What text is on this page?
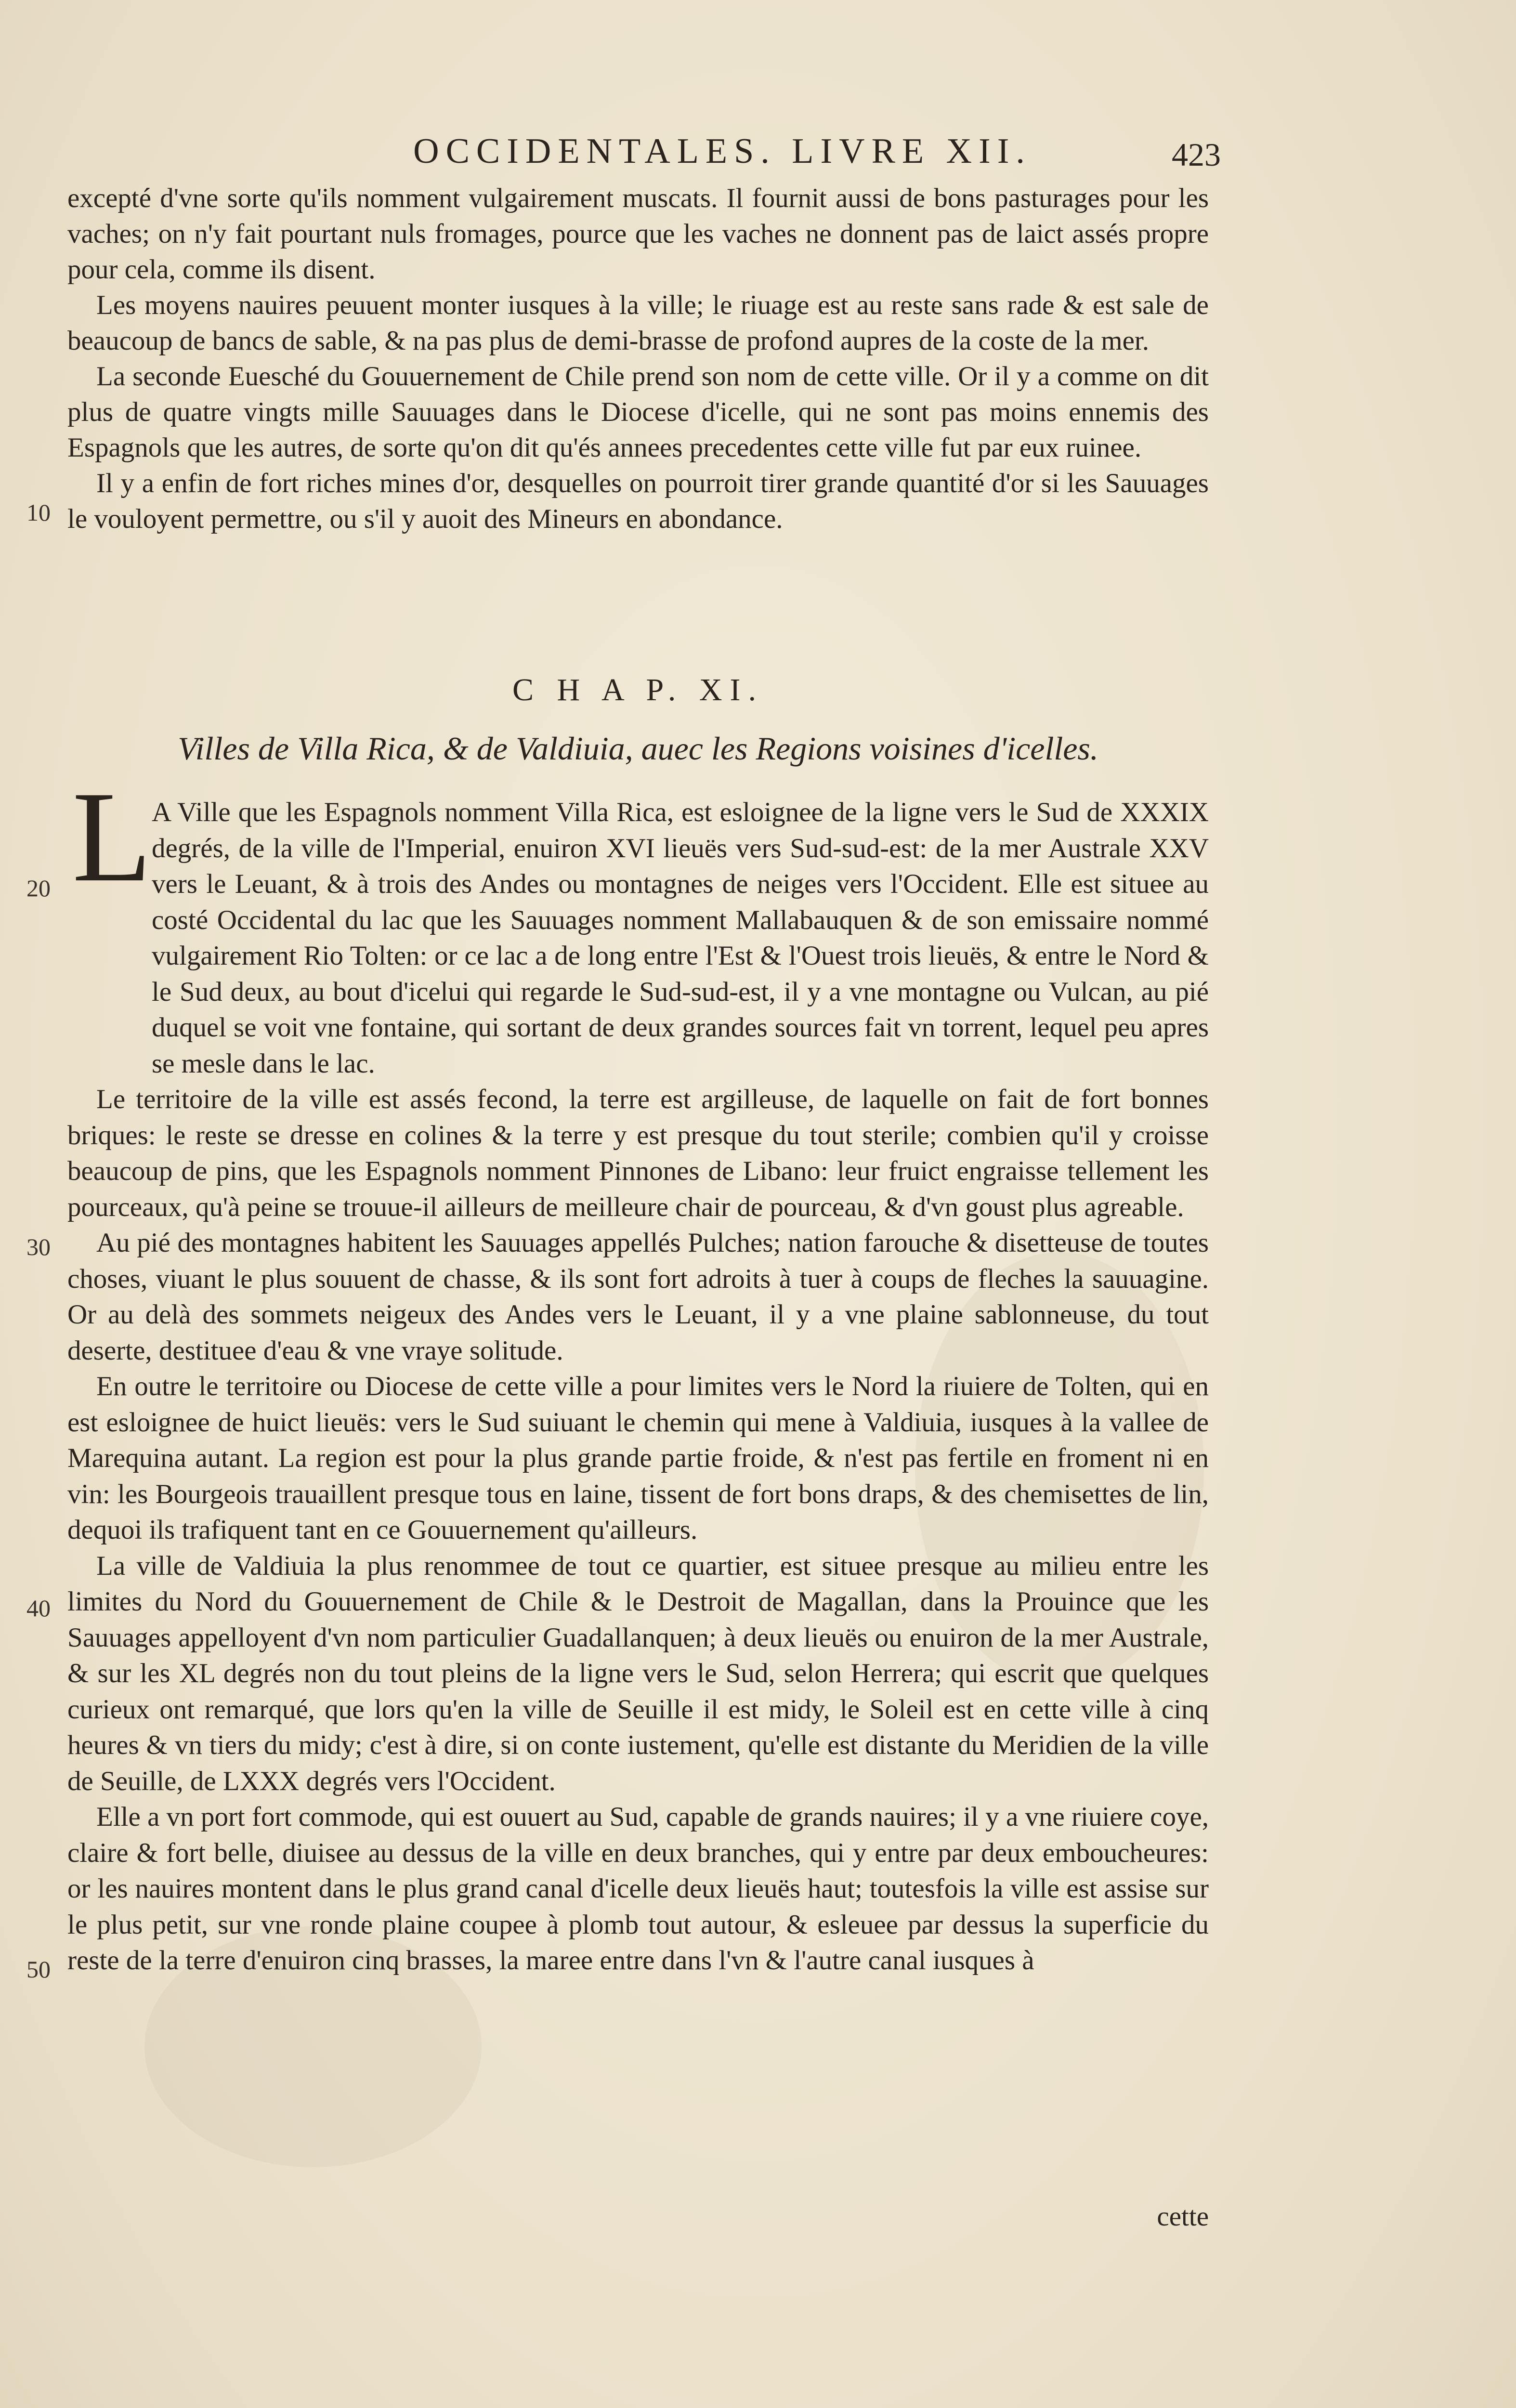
OCCIDENTALES. LIVRE XII.	423

excepté d'vne sorte qu'ils nomment vulgairement muscats. Il fournit aussi de bons pasturages pour les vaches; on n'y fait pourtant nuls fromages, pource que les vaches ne donnent pas de laict assés propre pour cela, comme ils disent.

Les moyens nauires peuuent monter iusques à la ville; le riuage est au reste sans rade & est sale de beaucoup de bancs de sable, & na pas plus de demi-brasse de profond aupres de la coste de la mer.

La seconde Euesché du Gouuernement de Chile prend son nom de cette ville. Or il y a comme on dit plus de quatre vingts mille Sauuages dans le Diocese d'icelle, qui ne sont pas moins ennemis des Espagnols que les autres, de sorte qu'on dit qu'és annees precedentes cette ville fut par eux ruinee.

Il y a enfin de fort riches mines d'or, desquelles on pourroit tirer grande quantité d'or si les Sauuages le vouloyent permettre, ou s'il y auoit des Mineurs en abondance.

C H A P. XI.
Villes de Villa Rica, & de Valdiuia, auec les Regions voisines d'icelles.
L A Ville que les Espagnols nomment Villa Rica, est esloignee de la ligne vers le Sud de XXXIX degrés, de la ville de l'Imperial, enuiron XVI lieuës vers Sud-sud-est: de la mer Australe XXV vers le Leuant, & à trois des Andes ou montagnes de neiges vers l'Occident. Elle est situee au costé Occidental du lac que les Sauuages nomment Mallabauquen & de son emissaire nommé vulgairement Rio Tolten: or ce lac a de long entre l'Est & l'Ouest trois lieuës, & entre le Nord & le Sud deux, au bout d'icelui qui regarde le Sud-sud-est, il y a vne montagne ou Vulcan, au pié duquel se voit vne fontaine, qui sortant de deux grandes sources fait vn torrent, lequel peu apres se mesle dans le lac.

Le territoire de la ville est assés fecond, la terre est argilleuse, de laquelle on fait de fort bonnes briques: le reste se dresse en colines & la terre y est presque du tout sterile; combien qu'il y croisse beaucoup de pins, que les Espagnols nomment Pinnones de Libano: leur fruict engraisse tellement les pourceaux, qu'à peine se trouue-il ailleurs de meilleure chair de pourceau, & d'vn goust plus agreable.

Au pié des montagnes habitent les Sauuages appellés Pulches; nation farouche & disetteuse de toutes choses, viuant le plus souuent de chasse, & ils sont fort adroits à tuer à coups de fleches la sauuagine. Or au delà des sommets neigeux des Andes vers le Leuant, il y a vne plaine sablonneuse, du tout deserte, destituee d'eau & vne vraye solitude.

En outre le territoire ou Diocese de cette ville a pour limites vers le Nord la riuiere de Tolten, qui en est esloignee de huict lieuës: vers le Sud suiuant le chemin qui mene à Valdiuia, iusques à la vallee de Marequina autant. La region est pour la plus grande partie froide, & n'est pas fertile en froment ni en vin: les Bourgeois trauaillent presque tous en laine, tissent de fort bons draps, & des chemisettes de lin, dequoi ils trafiquent tant en ce Gouuernement qu'ailleurs.

La ville de Valdiuia la plus renommee de tout ce quartier, est situee presque au milieu entre les limites du Nord du Gouuernement de Chile & le Destroit de Magallan, dans la Prouince que les Sauuages appelloyent d'vn nom particulier Guadallanquen; à deux lieuës ou enuiron de la mer Australe, & sur les XL degrés non du tout pleins de la ligne vers le Sud, selon Herrera; qui escrit que quelques curieux ont remarqué, que lors qu'en la ville de Seuille il est midy, le Soleil est en cette ville à cinq heures & vn tiers du midy; c'est à dire, si on conte iustement, qu'elle est distante du Meridien de la ville de Seuille, de LXXX degrés vers l'Occident.

Elle a vn port fort commode, qui est ouuert au Sud, capable de grands nauires; il y a vne riuiere coye, claire & fort belle, diuisee au dessus de la ville en deux branches, qui y entre par deux emboucheures: or les nauires montent dans le plus grand canal d'icelle deux lieuës haut; toutesfois la ville est assise sur le plus petit, sur vne ronde plaine coupee à plomb tout autour, & esleuee par dessus la superficie du reste de la terre d'enuiron cinq brasses, la maree entre dans l'vn & l'autre canal iusques à

10
20
30
40
50
cette
